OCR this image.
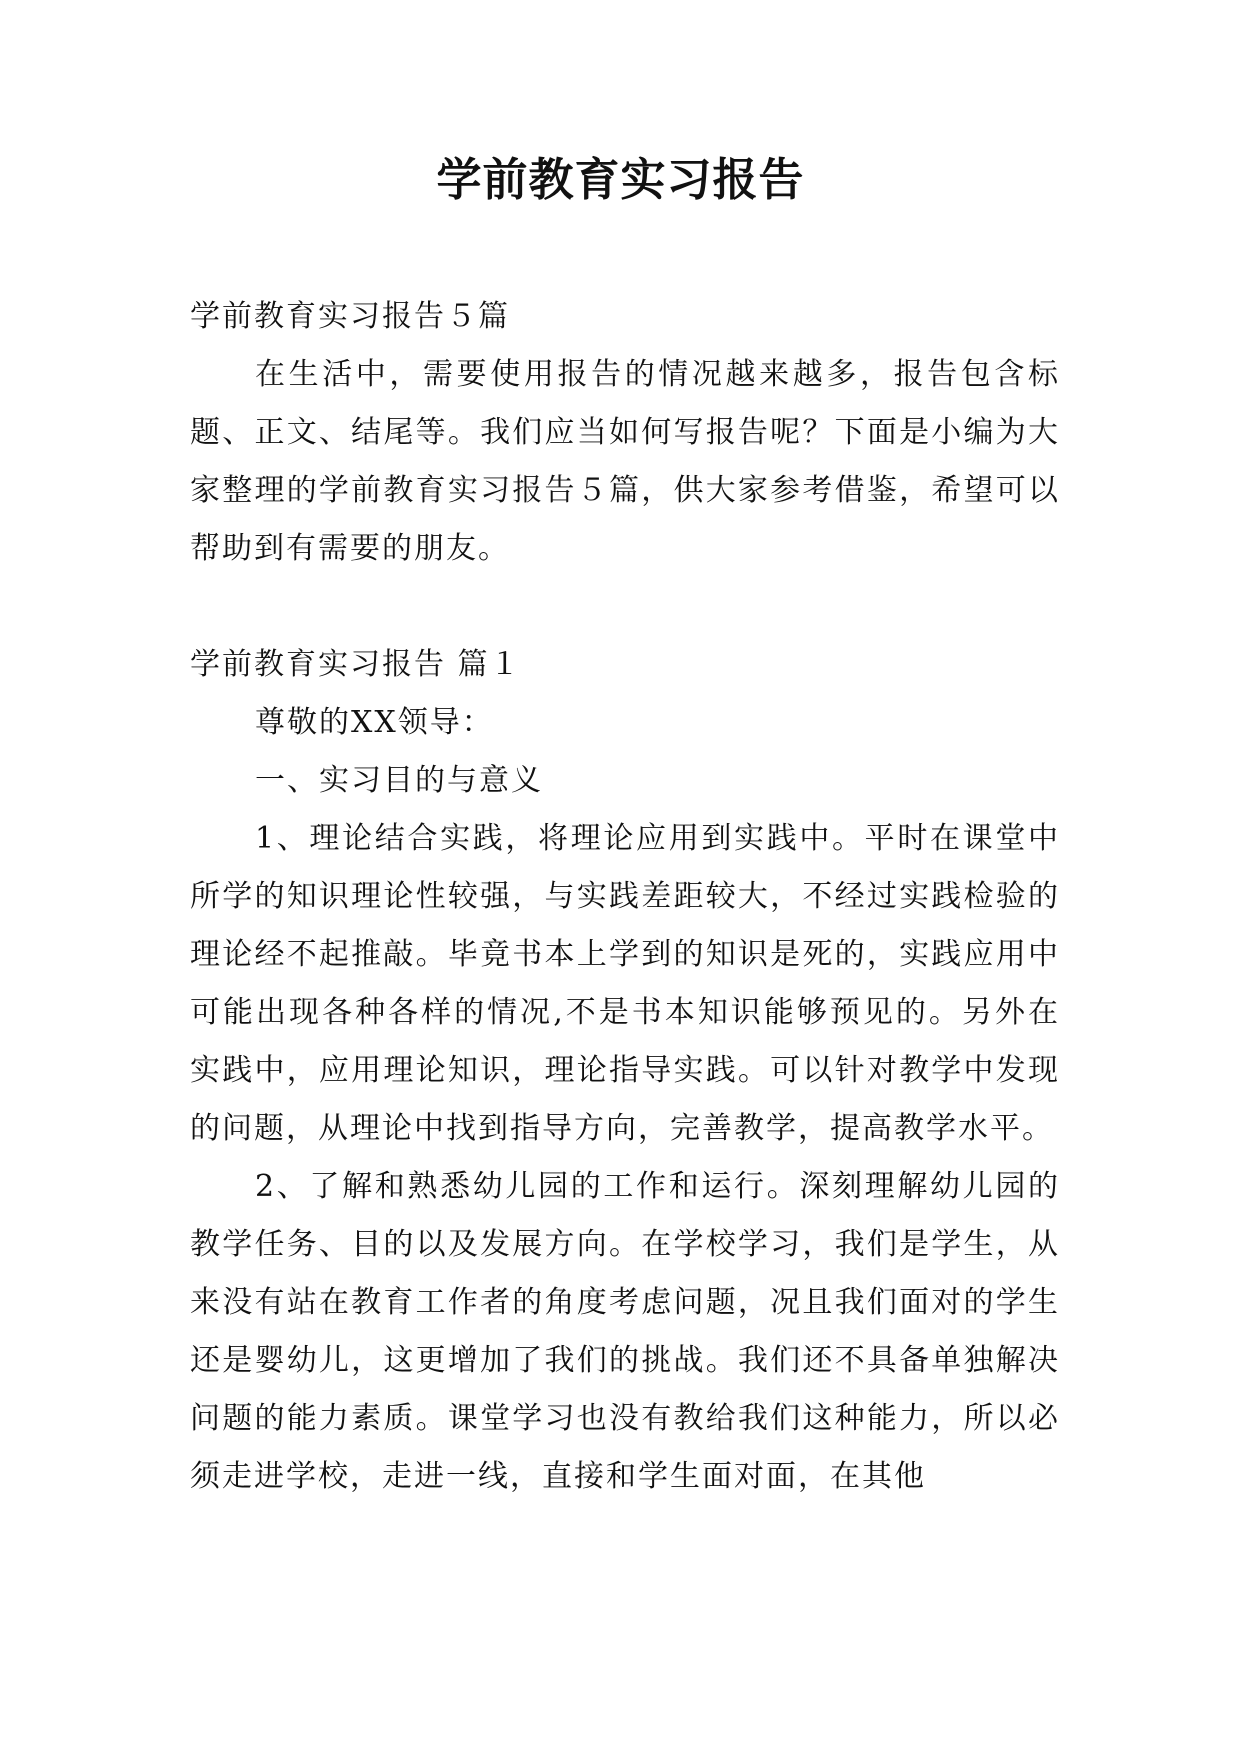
学前教育实习报告

学前教育实习报告５篇

在生活中，需要使用报告的情况越来越多，报告包含标题、正文、结尾等。我们应当如何写报告呢？下面是小编为大家整理的学前教育实习报告５篇，供大家参考借鉴，希望可以帮助到有需要的朋友。

学前教育实习报告 篇１

尊敬的XX领导：

一、实习目的与意义

1、理论结合实践，将理论应用到实践中。平时在课堂中所学的知识理论性较强，与实践差距较大，不经过实践检验的理论经不起推敲。毕竟书本上学到的知识是死的，实践应用中可能出现各种各样的情况,不是书本知识能够预见的。另外在实践中，应用理论知识，理论指导实践。可以针对教学中发现的问题，从理论中找到指导方向，完善教学，提高教学水平。

2、了解和熟悉幼儿园的工作和运行。深刻理解幼儿园的教学任务、目的以及发展方向。在学校学习，我们是学生，从来没有站在教育工作者的角度考虑问题，况且我们面对的学生还是婴幼儿，这更增加了我们的挑战。我们还不具备单独解决问题的能力素质。课堂学习也没有教给我们这种能力，所以必须走进学校，走进一线，直接和学生面对面，在其他
